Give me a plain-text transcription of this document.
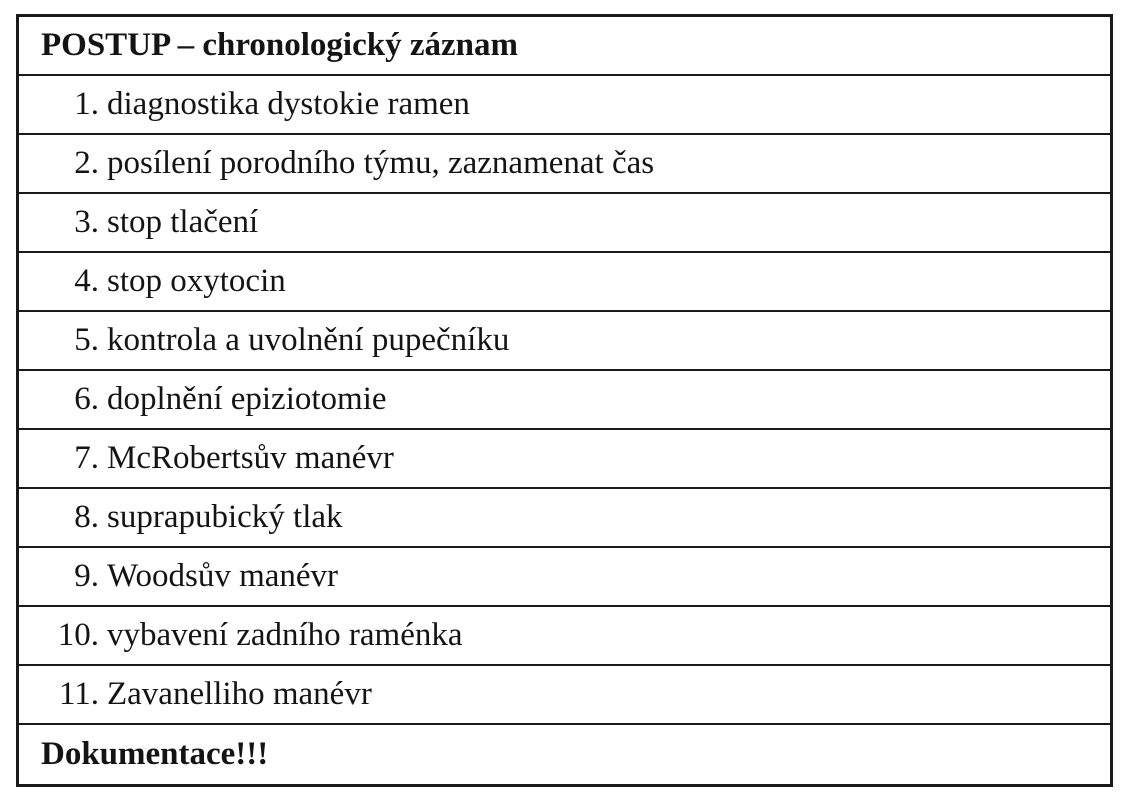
POSTUP – chronologický záznam
1. diagnostika dystokie ramen
2. posílení porodního týmu, zaznamenat čas
3. stop tlačení
4. stop oxytocin
5. kontrola a uvolnění pupečníku
6. doplnění epiziotomie
7. McRobertsův manévr
8. suprapubický tlak
9. Woodsův manévr
10. vybavení zadního raménka
11. Zavanelliho manévr
Dokumentace!!!
